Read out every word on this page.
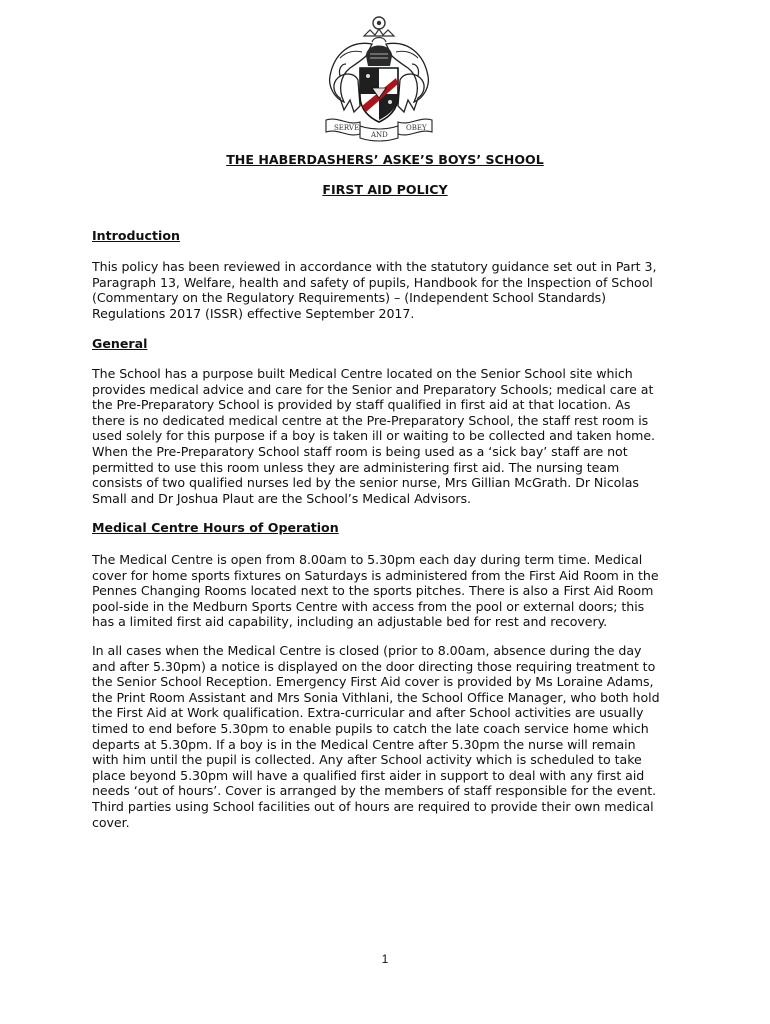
SERVE
AND
OBEY
THE HABERDASHERS’ ASKE’S BOYS’ SCHOOL
FIRST AID POLICY
Introduction

This policy has been reviewed in accordance with the statutory guidance set out in Part 3,
Paragraph 13, Welfare, health and safety of pupils, Handbook for the Inspection of School
(Commentary on the Regulatory Requirements) – (Independent School Standards)
Regulations 2017 (ISSR) effective September 2017.

General

The School has a purpose built Medical Centre located on the Senior School site which
provides medical advice and care for the Senior and Preparatory Schools; medical care at
the Pre-Preparatory School is provided by staff qualified in first aid at that location. As
there is no dedicated medical centre at the Pre-Preparatory School, the staff rest room is
used solely for this purpose if a boy is taken ill or waiting to be collected and taken home.
When the Pre-Preparatory School staff room is being used as a ‘sick bay’ staff are not
permitted to use this room unless they are administering first aid. The nursing team
consists of two qualified nurses led by the senior nurse, Mrs Gillian McGrath. Dr Nicolas
Small and Dr Joshua Plaut are the School’s Medical Advisors.

Medical Centre Hours of Operation

The Medical Centre is open from 8.00am to 5.30pm each day during term time. Medical
cover for home sports fixtures on Saturdays is administered from the First Aid Room in the
Pennes Changing Rooms located next to the sports pitches. There is also a First Aid Room
pool-side in the Medburn Sports Centre with access from the pool or external doors; this
has a limited first aid capability, including an adjustable bed for rest and recovery.

In all cases when the Medical Centre is closed (prior to 8.00am, absence during the day
and after 5.30pm) a notice is displayed on the door directing those requiring treatment to
the Senior School Reception. Emergency First Aid cover is provided by Ms Loraine Adams,
the Print Room Assistant and Mrs Sonia Vithlani, the School Office Manager, who both hold
the First Aid at Work qualification. Extra-curricular and after School activities are usually
timed to end before 5.30pm to enable pupils to catch the late coach service home which
departs at 5.30pm. If a boy is in the Medical Centre after 5.30pm the nurse will remain
with him until the pupil is collected. Any after School activity which is scheduled to take
place beyond 5.30pm will have a qualified first aider in support to deal with any first aid
needs ‘out of hours’. Cover is arranged by the members of staff responsible for the event.
Third parties using School facilities out of hours are required to provide their own medical
cover.

1
